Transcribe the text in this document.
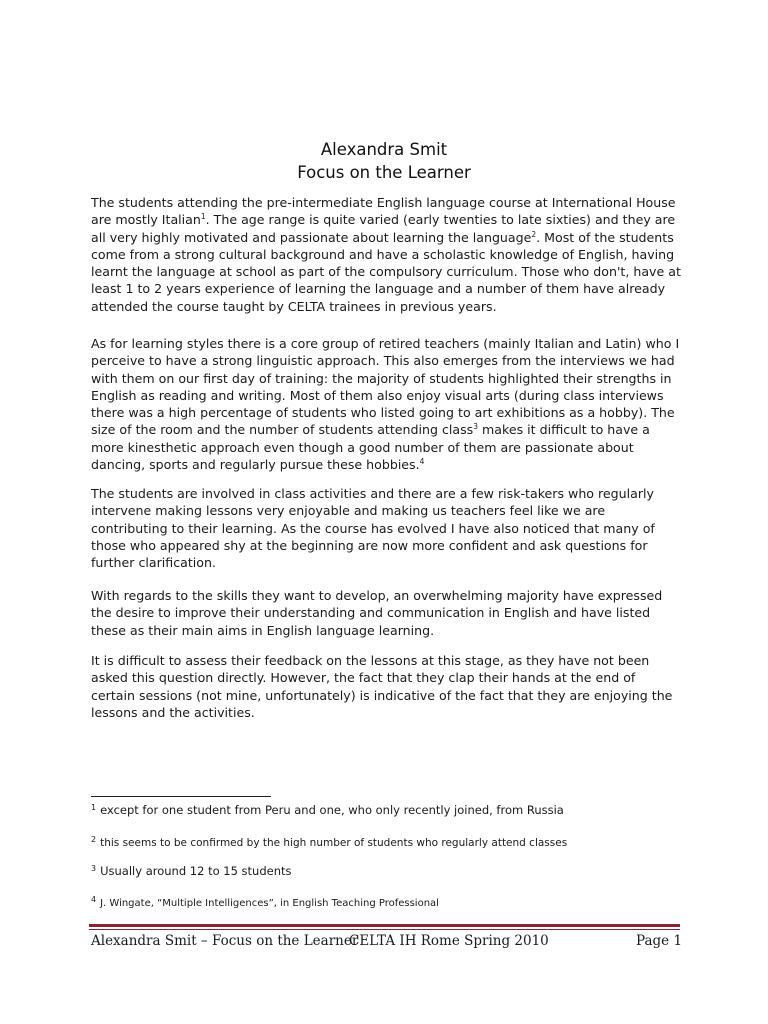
Alexandra Smit
Focus on the Learner

The students attending the pre-intermediate English language course at International House are mostly Italian$^1$. The age range is quite varied (early twenties to late sixties) and they are all very highly motivated and passionate about learning the language$^2$. Most of the students come from a strong cultural background and have a scholastic knowledge of English, having learnt the language at school as part of the compulsory curriculum. Those who don't, have at least 1 to 2 years experience of learning the language and a number of them have already attended the course taught by CELTA trainees in previous years.

As for learning styles there is a core group of retired teachers (mainly Italian and Latin) who I perceive to have a strong linguistic approach. This also emerges from the interviews we had with them on our first day of training: the majority of students highlighted their strengths in English as reading and writing. Most of them also enjoy visual arts (during class interviews there was a high percentage of students who listed going to art exhibitions as a hobby). The size of the room and the number of students attending class$^3$ makes it difficult to have a more kinesthetic approach even though a good number of them are passionate about dancing, sports and regularly pursue these hobbies.$^4$

The students are involved in class activities and there are a few risk-takers who regularly intervene making lessons very enjoyable and making us teachers feel like we are contributing to their learning. As the course has evolved I have also noticed that many of those who appeared shy at the beginning are now more confident and ask questions for further clarification.

With regards to the skills they want to develop, an overwhelming majority have expressed the desire to improve their understanding and communication in English and have listed these as their main aims in English language learning.

It is difficult to assess their feedback on the lessons at this stage, as they have not been asked this question directly. However, the fact that they clap their hands at the end of certain sessions (not mine, unfortunately) is indicative of the fact that they are enjoying the lessons and the activities.

$^1$ except for one student from Peru and one, who only recently joined, from Russia
$^2$ this seems to be confirmed by the high number of students who regularly attend classes
$^3$ Usually around 12 to 15 students
$^4$ J. Wingate, “Multiple Intelligences”, in English Teaching Professional
Alexandra Smit – Focus on the Learner
CELTA IH Rome Spring 2010	Page 1
